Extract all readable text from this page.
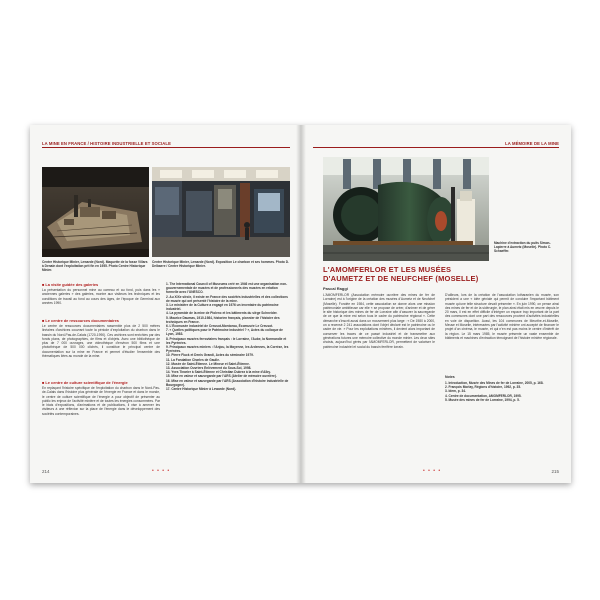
LA MINE EN FRANCE / HISTOIRE INDUSTRIELLE ET SOCIALE
Centre Historique Minier, Lewarde (Nord). Maquette de la fosse Villars à Denain dont l'exploitation prit fin en 1955. Photo Centre Historique Minier.
Centre Historique Minier, Lewarde (Nord). Exposition Le charbon et ses hommes. Photo D. Delbaere / Centre Historique Minier.
■ La visite guidée des galeries
La présentation du personnel mine au carreau et au fond, puis dans les « anciennes galeries » des galeries, montre aux visiteurs les techniques et les conditions de travail au fond au cours des âges, de l'époque de Germinal aux années 1990.
■ Le centre de ressources documentaires
Le centre de ressources documentaires rassemble plus de 2 500 mètres linéaires d'archives couvrant toute la période d'exploitation du charbon dans le bassin du Nord-Pas-de-Calais (1720-1990). Ces archives sont enrichies par des fonds plans, de photographies, de films et d'objets. Avec une bibliothèque de plus de 7 000 ouvrages, une videothèque d'environ 500 films et une photothèque de 500 000 clichés, il constitue le principal centre de documentation sur la mine en France et permet d'étudier l'ensemble des thématiques liées au monde de la mine.
■ Le centre de culture scientifique de l'énergie
En replaçant l'histoire spécifique de l'exploitation du charbon dans le Nord-Pas-de-Calais dans l'histoire plus générale de l'énergie en France et dans le monde, le centre de culture scientifique de l'énergie a pour objectif de présenter au public les enjeux de l'activité minière et de toutes les énergies consommées. Par le biais d'expositions, d'animations et de publications, il vise à amener les visiteurs à une réflexion sur la place de l'énergie dans le développement des sociétés contemporaines.
1. The International Council of Museums créé en 1946 est une organisation non-gouvernementale de musées et de professionnels des musées en relation formelle avec l'UNESCO.
2. Au XIXe siècle, il existe en France des sociétés industrielles et des collections de musée qui ont présenté l'histoire de la mine.
3. Le ministère de la Culture a engagé en 1976 un inventaire du patrimoine industriel.
4. La pyramide de la mine de Piolenc et les bâtiments du siège Schneider.
5. Maurice Daumas, 1910-1984, historien français, pionnier de l'histoire des techniques en France.
6. L'Écomusée industriel de Creusot-Montceau, Écomusée Le Creusot.
7. « Quelles politiques pour le Patrimoine industriel ? », Actes du colloque de Lyon, 1983.
8. Principaux musées ferroviaires français : le Lorraine, l'Aube, la Normandie et les Pyrénées.
9. Principaux musées miniers : l'Anjou, la Mayenne, les Ardennes, la Corrèze, les Pyrénées.
10. Pierre Fluck et Denis Grandi, Actes du séminaire 1979.
11. La Fondation Charles de Gaulle.
12. Musée de Saint-Étienne. Le Mineur et Saint-Étienne.
13. Association Ouvriers Enlèvement du Sous-Sol, 1998.
14. Yves Tinarier à Saint-Étienne et Christian Dubrez à la mine d'Alby.
15. Mise en valeur et sauvegarde par l'ARS (Atelier de mémoire ouvrière).
16. Mise en valeur et sauvegarde par l'ARS (Association d'histoire industrielle de Bourgogne).
17. Centre Historique Minier à Lewarde (Nord).
214	• • • •
LA MÉMOIRE DE LA MINE
Machine d'extraction du puits Simon-Lapierre à Aumetz (Moselle). Photo C. Schaeffer.
L'AMOMFERLOR ET LES MUSÉES
D'AUMETZ ET DE NEUFCHEF (MOSELLE)
Pascal Raggi
L'AMOMFERLOR (Association mémoire ouvrière des mines de fer de Lorraine) est à l'origine de la création des musées d'Aumetz et de Neufchef (Moselle). Fondée en 1984, cette association se donne alors une mission patrimoniale ambitieuse car elle « se propose de créer, d'animer et de gérer le site historique des mines de fer de Lorraine afin d'assurer la sauvegarde de ce que la mine est selon tous le cadre du patrimoine régional ». Cette démarche s'inscrit aussi dans un mouvement plus large : « De 1980 à 2000, on a recensé 2 241 associations dont l'objet déclaré est le patrimoine ou le cadre de vie. » Pour les exploitations minières, il devient alors important de conserver les traces de ce passé industriel et de transmettre aux générations futures une mémoire collective du monde minier. Les deux sites choisis, aujourd'hui gérés par l'AMOMFERLOR, permettent de valoriser le patrimoine industriel et social du bassin ferrifère lorrain.
D'ailleurs, lors de la création de l'association lotharanien du musée, son président a une « idée géniale qui permit de conduire l'important bâtiment musée qu'une telle structure devait présenter ». En juin 1990, on pense ainsi des mines de fer et de la sidérurgie, le plan ainsi était mis en œuvre depuis le 20 mars, il est en effet difficile d'intégrer un espace trop important de la part des communes dont une part des ressources provient d'activités industrielles en voie de disparition. Aussi, les 104 communes de Meurthe-et-Moselle, Meuse et Moselle, intéressées par l'activité minière ont accepté de financer le projet d'un cinéma, le musée, et qui n'en est pas moins le centre d'intérêt de la région. Le 15 mars 1985, le musée présente un vaste ensemble de bâtiments et machines d'extraction témoignant de l'histoire minière régionale.
Notes
1. Introduction, Musée des Mines de fer de Lorraine, 2005, p. 168.
2. François Morlay, Régions d'histoire, 1992, p. 35.
3. Idem, p. 34.
4. Centre de documentation, AMOMFERLOR, 1995.
5. Musée des mines de fer de Lorraine, 1994, p. 5.
• • • •	215
